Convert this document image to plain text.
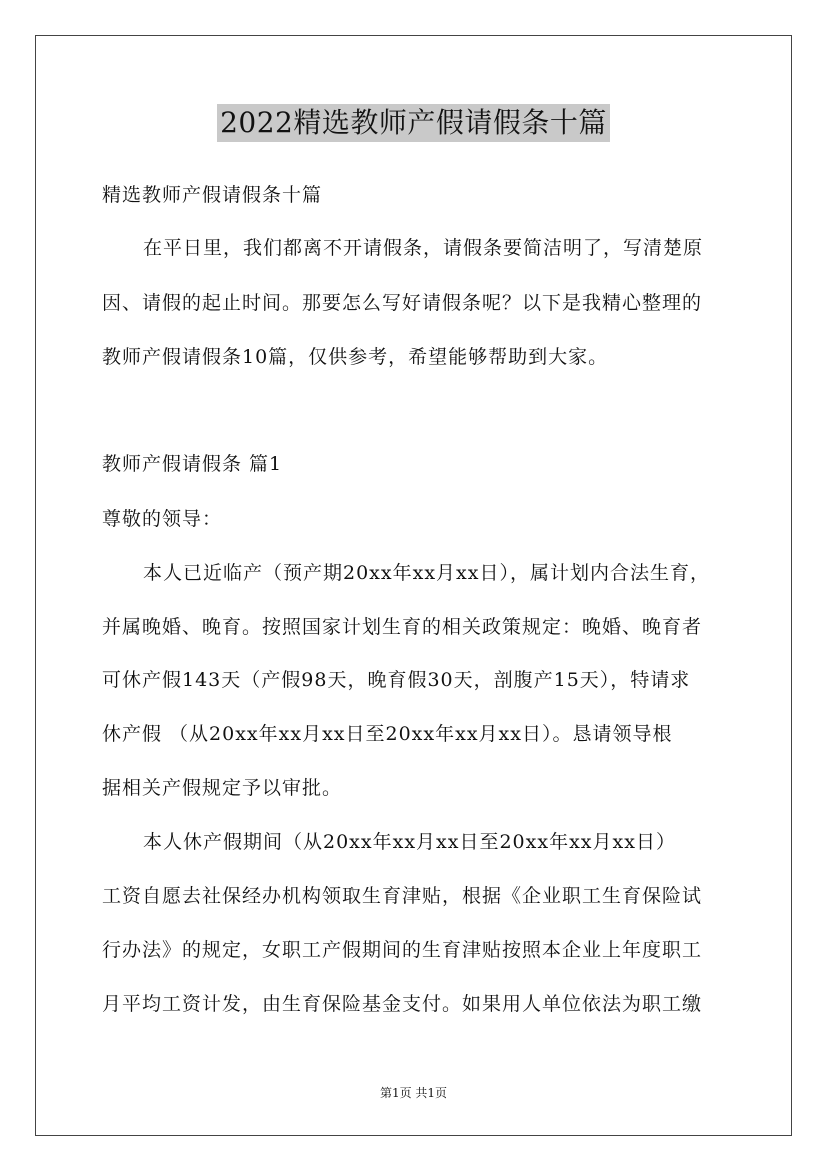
2022精选教师产假请假条十篇
精选教师产假请假条十篇
在平日里，我们都离不开请假条，请假条要简洁明了，写清楚原
因、请假的起止时间。那要怎么写好请假条呢？以下是我精心整理的
教师产假请假条10篇，仅供参考，希望能够帮助到大家。
教师产假请假条 篇1
尊敬的领导：
本人已近临产（预产期20xx年xx月xx日），属计划内合法生育，
并属晚婚、晚育。按照国家计划生育的相关政策规定：晚婚、晚育者
可休产假143天（产假98天，晚育假30天，剖腹产15天），特请求
休产假 （从20xx年xx月xx日至20xx年xx月xx日）。恳请领导根
据相关产假规定予以审批。
本人休产假期间（从20xx年xx月xx日至20xx年xx月xx日）
工资自愿去社保经办机构领取生育津贴，根据《企业职工生育保险试
行办法》的规定，女职工产假期间的生育津贴按照本企业上年度职工
月平均工资计发，由生育保险基金支付。如果用人单位依法为职工缴
第1页 共1页
